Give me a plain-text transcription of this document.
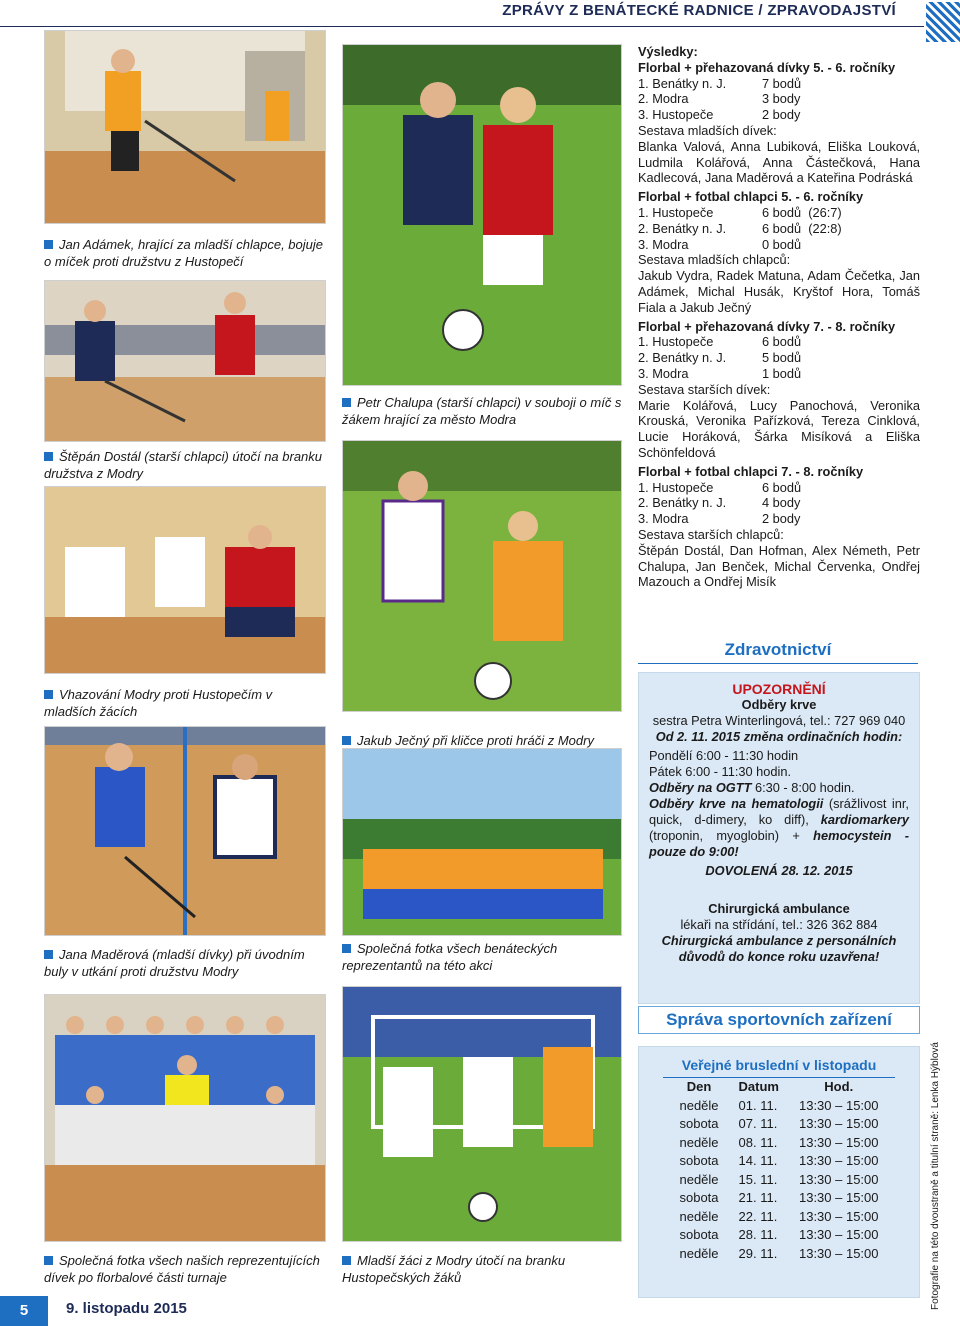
ZPRÁVY Z BENÁTECKÉ RADNICE / ZPRAVODAJSTVÍ
Jan Adámek, hrající za mladší chlapce, bojuje o míček proti družstvu z Hustopečí
Štěpán Dostál (starší chlapci) útočí na branku družstva z Modry
Vhazování Modry proti Hustopečím v mladších žácích
Jana Maděrová (mladší dívky) při úvodním buly v utkání proti družstvu Modry
Společná fotka všech našich reprezentujících dívek po florbalové části turnaje
Petr Chalupa (starší chlapci) v souboji o míč s žákem hrající za město Modra
Jakub Ječný při kličce proti hráči z Modry
Společná fotka všech benáteckých reprezentantů na této akci
Mladší žáci z Modry útočí na branku Hustopečských žáků
Výsledky:
Florbal + přehazovaná dívky 5. - 6. ročníky
1. Benátky n. J.	7 bodů
2. Modra	3 body
3. Hustopeče	2 body
Sestava mladších dívek:
Blanka Valová, Anna Lubiková, Eliška Louková, Ludmila Kolářová, Anna Částečková, Hana Kadlecová, Jana Maděrová a Kateřina Podráská
Florbal + fotbal chlapci 5. - 6. ročníky
1. Hustopeče	6 bodů  (26:7)
2. Benátky n. J.	6 bodů  (22:8)
3. Modra	0 bodů
Sestava mladších chlapců:
Jakub Vydra, Radek Matuna, Adam Čečetka, Jan Adámek, Michal Husák, Kryštof Hora, Tomáš Fiala a Jakub Ječný
Florbal + přehazovaná dívky 7. - 8. ročníky
1. Hustopeče	6 bodů
2. Benátky n. J.	5 bodů
3. Modra	1 bodů
Sestava starších dívek:
Marie Kolářová, Lucy Panochová, Veronika Krouská, Veronika Pařízková, Tereza Cinklová, Lucie Horáková, Šárka Misíková a Eliška Schönfeldová
Florbal + fotbal chlapci 7. - 8. ročníky
1. Hustopeče	6 bodů
2. Benátky n. J.	4 body
3. Modra	2 body
Sestava starších chlapců:
Štěpán Dostál, Dan Hofman, Alex Németh, Petr Chalupa, Jan Benček, Michal Červenka, Ondřej Mazouch a Ondřej Misík
Zdravotnictví
UPOZORNĚNÍ
Odběry krve
sestra Petra Winterlingová, tel.: 727 969 040
Od 2. 11. 2015 změna ordinačních hodin:
Pondělí 6:00 - 11:30 hodin
Pátek 6:00 - 11:30 hodin.
Odběry na OGTT 6:30 - 8:00 hodin.
Odběry krve na hematologii (srážlivost inr, quick, d-dimery, ko diff), kardiomarkery (troponin, myoglobin) + hemocystein - pouze do 9:00!
DOVOLENÁ 28. 12. 2015
Chirurgická ambulance
lékaři na střídání, tel.: 326 362 884
Chirurgická ambulance z personálních důvodů do konce roku uzavřena!
Správa sportovních zařízení
Veřejné bruslední v listopadu
Den	Datum	Hod.
neděle	01. 11.	13:30 – 15:00
sobota	07. 11.	13:30 – 15:00
neděle	08. 11.	13:30 – 15:00
sobota	14. 11.	13:30 – 15:00
neděle	15. 11.	13:30 – 15:00
sobota	21. 11.	13:30 – 15:00
neděle	22. 11.	13:30 – 15:00
sobota	28. 11.	13:30 – 15:00
neděle	29. 11.	13:30 – 15:00	Fotografie na této dvoustraně a titulní straně: Lenka Hýblová
5	9. listopadu 2015
